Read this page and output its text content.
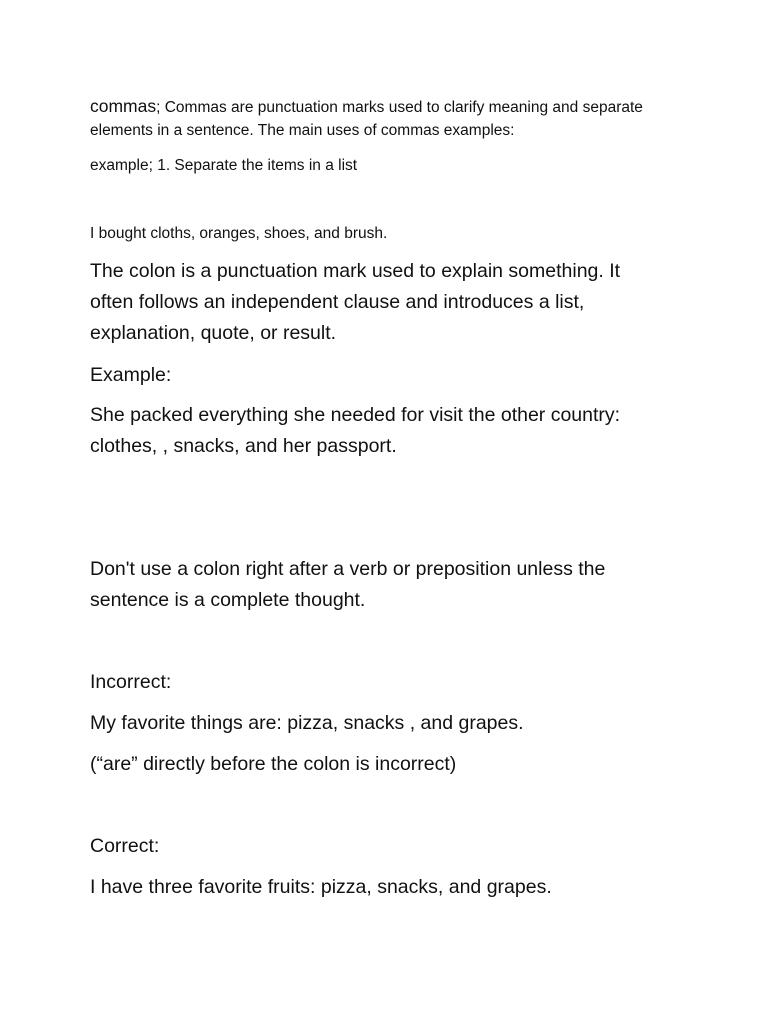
commas; Commas are punctuation marks used to clarify meaning and separate

elements in a sentence. The main uses of commas examples:

example; 1. Separate the items in a list

I bought cloths, oranges, shoes, and brush.

The colon is a punctuation mark used to explain something. It

often follows an independent clause and introduces a list,

explanation, quote, or result.

Example:

She packed everything she needed for visit the other country:

clothes, , snacks, and her passport.

Don't use a colon right after a verb or preposition unless the

sentence is a complete thought.

Incorrect:

My favorite things are: pizza, snacks , and grapes.

(“are” directly before the colon is incorrect)

Correct:

I have three favorite fruits: pizza, snacks, and grapes.
